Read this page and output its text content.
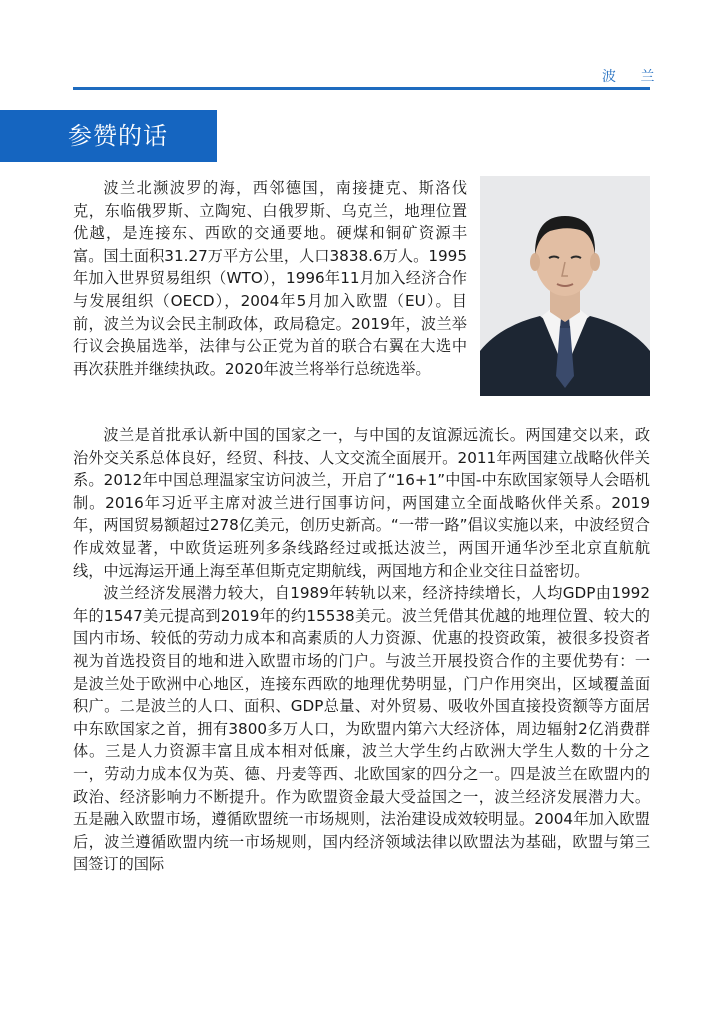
波 兰
参赞的话

波兰北濒波罗的海，西邻德国，南接捷克、斯洛伐克，东临俄罗斯、立陶宛、白俄罗斯、乌克兰，地理位置优越，是连接东、西欧的交通要地。硬煤和铜矿资源丰富。国土面积31.27万平方公里，人口3838.6万人。1995年加入世界贸易组织（WTO），1996年11月加入经济合作与发展组织（OECD），2004年5月加入欧盟（EU）。目前，波兰为议会民主制政体，政局稳定。2019年，波兰举行议会换届选举，法律与公正党为首的联合右翼在大选中再次获胜并继续执政。2020年波兰将举行总统选举。

波兰是首批承认新中国的国家之一，与中国的友谊源远流长。两国建交以来，政治外交关系总体良好，经贸、科技、人文交流全面展开。2011年两国建立战略伙伴关系。2012年中国总理温家宝访问波兰，开启了“16+1”中国-中东欧国家领导人会晤机制。2016年习近平主席对波兰进行国事访问，两国建立全面战略伙伴关系。2019年，两国贸易额超过278亿美元，创历史新高。“一带一路”倡议实施以来，中波经贸合作成效显著，中欧货运班列多条线路经过或抵达波兰，两国开通华沙至北京直航航线，中远海运开通上海至革但斯克定期航线，两国地方和企业交往日益密切。

波兰经济发展潜力较大，自1989年转轨以来，经济持续增长，人均GDP由1992年的1547美元提高到2019年的约15538美元。波兰凭借其优越的地理位置、较大的国内市场、较低的劳动力成本和高素质的人力资源、优惠的投资政策，被很多投资者视为首选投资目的地和进入欧盟市场的门户。与波兰开展投资合作的主要优势有：一是波兰处于欧洲中心地区，连接东西欧的地理优势明显，门户作用突出，区域覆盖面积广。二是波兰的人口、面积、GDP总量、对外贸易、吸收外国直接投资额等方面居中东欧国家之首，拥有3800多万人口，为欧盟内第六大经济体，周边辐射2亿消费群体。三是人力资源丰富且成本相对低廉，波兰大学生约占欧洲大学生人数的十分之一，劳动力成本仅为英、德、丹麦等西、北欧国家的四分之一。四是波兰在欧盟内的政治、经济影响力不断提升。作为欧盟资金最大受益国之一，波兰经济发展潜力大。五是融入欧盟市场，遵循欧盟统一市场规则，法治建设成效较明显。2004年加入欧盟后，波兰遵循欧盟内统一市场规则，国内经济领域法律以欧盟法为基础，欧盟与第三国签订的国际
